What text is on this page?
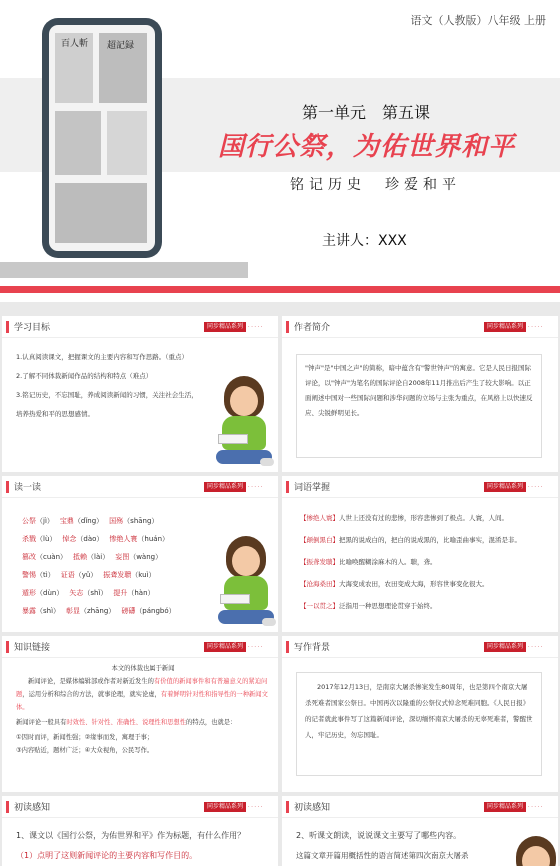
语文（人教版）八年级 上册
百人斬 超記録
第一单元　第五课
国行公祭，为佑世界和平
铭记历史　珍爱和平
主讲人：XXX
学习目标	同步精品系列 · · · · ·
1.认真阅读课文，把握课文的主要内容和写作思路。（重点）
2.了解不同体裁新闻作品的结构和特点（难点）
3.铭记历史，不忘国耻，养成阅读新闻的习惯，关注社会生活，
培养热爱和平的思想感情。
作者简介	同步精品系列 · · · · ·
"钟声"是"中国之声"的简称，暗中蕴含有"警世钟声"的寓意。它是人民日报国际评论，以"钟声"为笔名的国际评论自2008年11月推出后产生了较大影响。以正面阐述中国对一些国际问题和涉华问题的立场与主张为重点，在风格上以快速反应、尖锐鲜明见长。
读一读	同步精品系列 · · · · ·
公祭（jì） 宝鼎（dǐng） 国殇（shāng）
杀戮（lù） 悼念（dào） 惨绝人寰（huán）
篡改（cuàn） 抵赖（lài） 妄图（wàng）
警惕（tì） 证语（yǔ） 振聋发聩（kuì）
遁形（dùn） 矢志（shǐ） 提升（hàn）
暴露（shì） 彰显（zhāng） 磅礴（pángbó）
词语掌握	同步精品系列 · · · · ·
【惨绝人寰】人世上还没有过的悲惨，形容悲惨到了极点。人寰，人间。
【颠倒黑白】把黑的说成白的，把白的说成黑的，比喻歪曲事实，混淆是非。
【振聋发聩】比喻唤醒糊涂麻木的人。聩，聋。
【沧海桑田】大海变成农田，农田变成大海，形容世事变化很大。
【一以贯之】泛指用一种思想理论贯穿于始终。
知识链接	同步精品系列 · · · · ·
本文的体裁也属于新闻
新闻评论，是媒体编辑部或作者对新近发生的有价值的新闻事件和有普遍意义的紧迫问题，运用分析和综合的方法，就事论理，就实论虚，有着鲜明针对性和指导性的一种新闻文体。
新闻评论一般具有时效性、针对性、准确性、说理性和思想性的特点，也就是：
①因时而评，新闻性强；②缘事而发，寓理于事；
③内容贴近，题材广泛；④大众视角，公民写作。
写作背景	同步精品系列 · · · · ·
2017年12月13日，是南京大屠杀惨案发生80周年，也是第四个南京大屠杀死难者国家公祭日。中国再次以隆重的公祭仪式悼念死难同胞。《人民日报》的记者就此事件写了这篇新闻评论，深切缅怀南京大屠杀的无辜死难者，警醒世人，牢记历史，勿忘国耻。
初读感知	同步精品系列 · · · · ·
1、课文以《国行公祭，为佑世界和平》作为标题，有什么作用？
（1）点明了这则新闻评论的主要内容和写作目的。
初读感知	同步精品系列 · · · · ·
2、听课文朗读，说说课文主要写了哪些内容。
这篇文章开篇用概括性的语言简述第四次南京大屠杀
